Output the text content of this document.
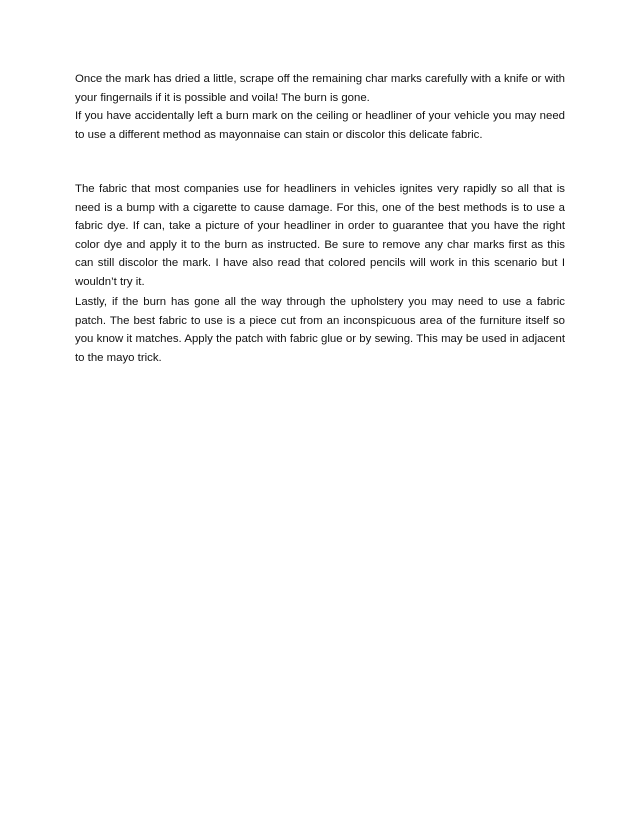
Once the mark has dried a little, scrape off the remaining char marks carefully with a knife or with your fingernails if it is possible and voila! The burn is gone.

If you have accidentally left a burn mark on the ceiling or headliner of your vehicle you may need to use a different method as mayonnaise can stain or discolor this delicate fabric.

The fabric that most companies use for headliners in vehicles ignites very rapidly so all that is need is a bump with a cigarette to cause damage. For this, one of the best methods is to use a fabric dye. If can, take a picture of your headliner in order to guarantee that you have the right color dye and apply it to the burn as instructed. Be sure to remove any char marks first as this can still discolor the mark. I have also read that colored pencils will work in this scenario but I wouldn’t try it.

Lastly, if the burn has gone all the way through the upholstery you may need to use a fabric patch. The best fabric to use is a piece cut from an inconspicuous area of the furniture itself so you know it matches. Apply the patch with fabric glue or by sewing. This may be used in adjacent to the mayo trick.
